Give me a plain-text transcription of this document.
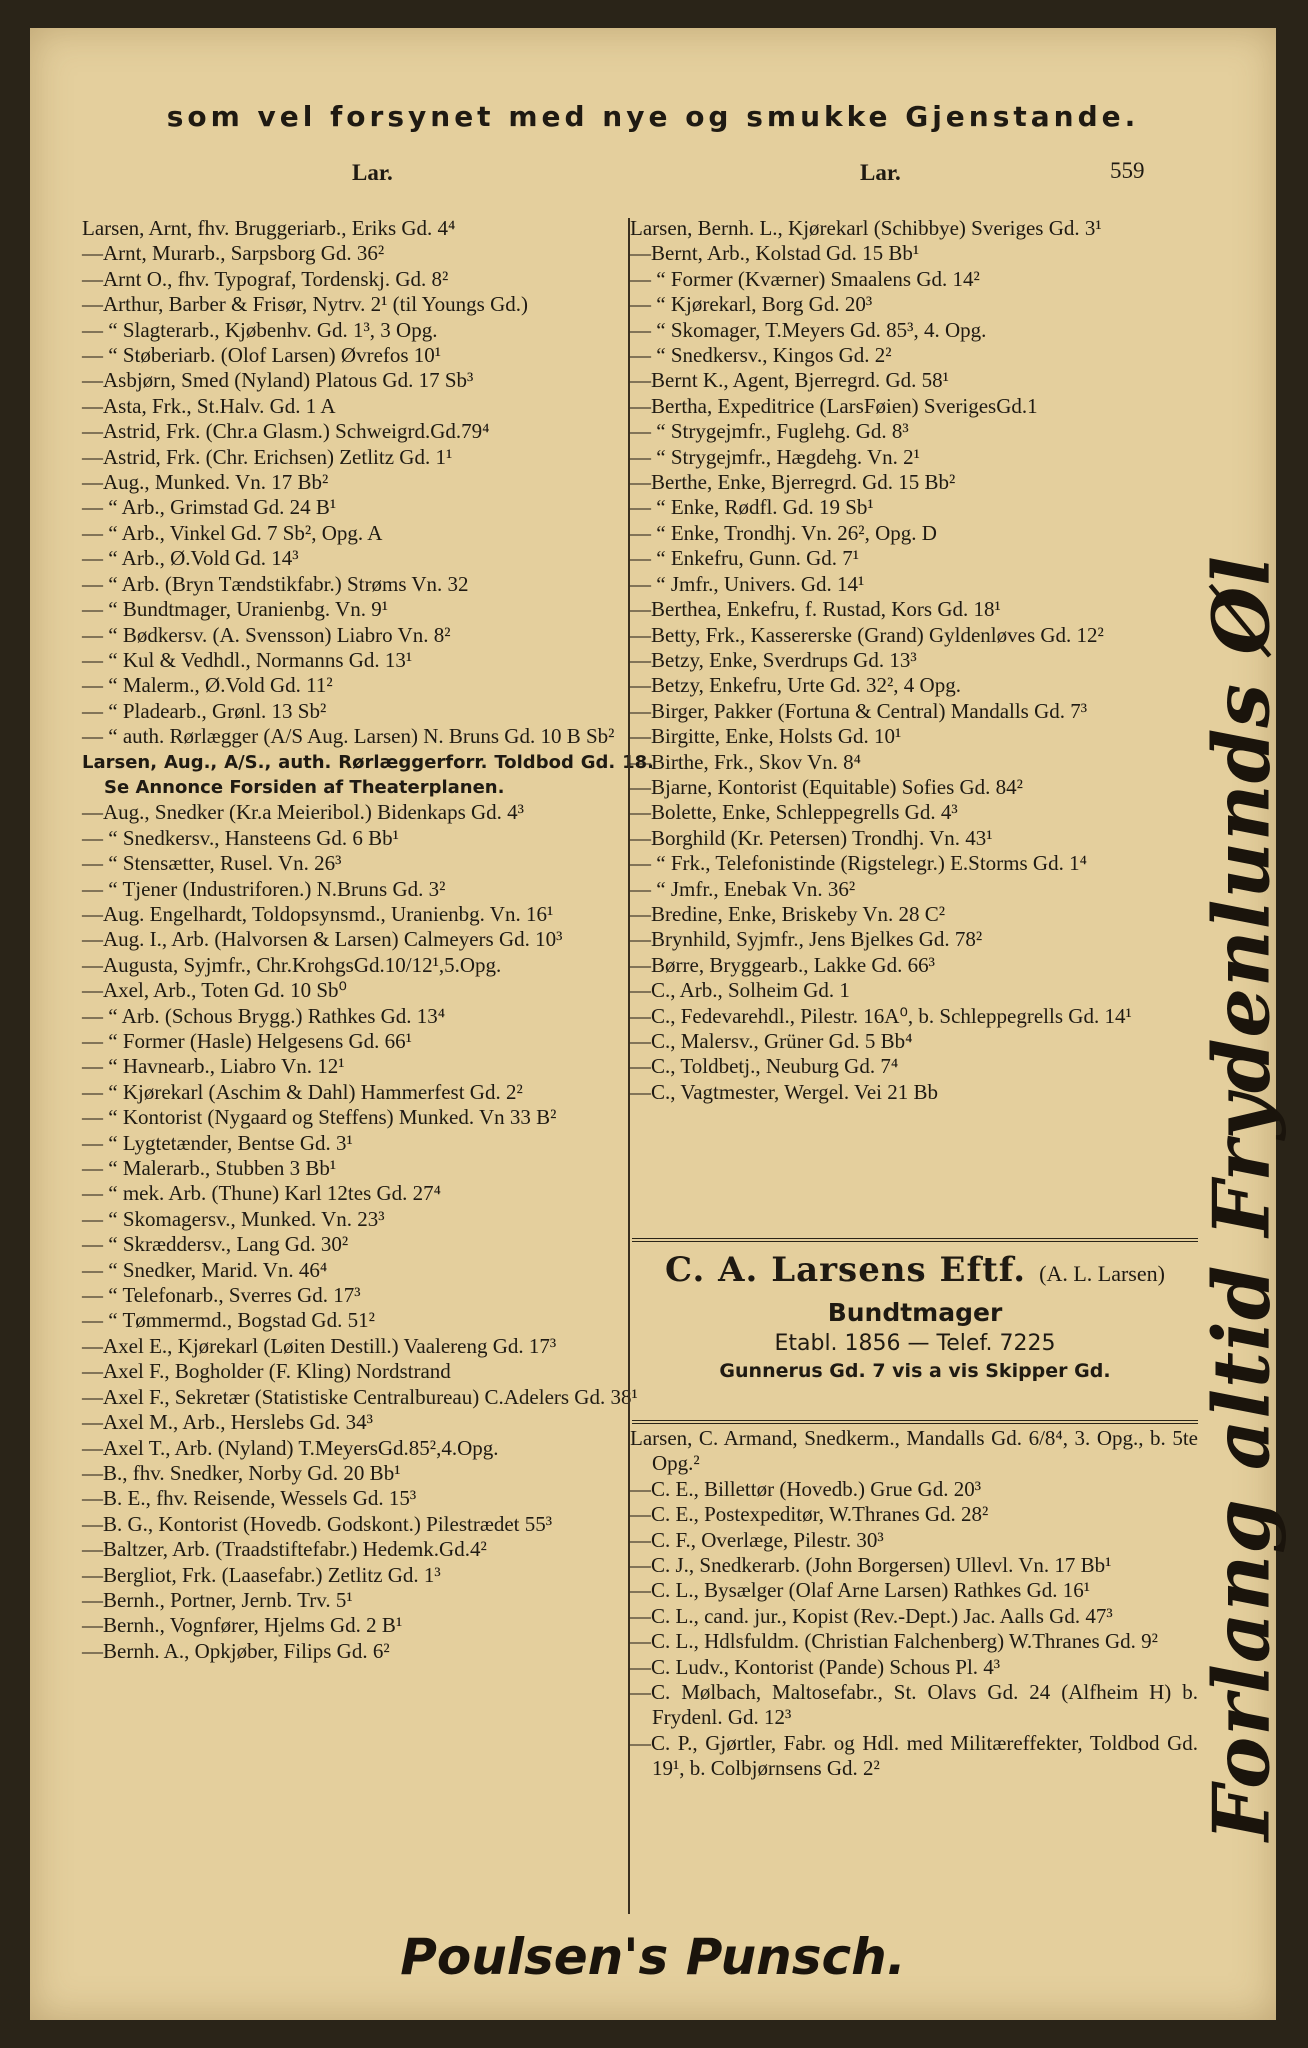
som vel forsynet med nye og smukke Gjenstande.
Lar.	Lar.	559
Larsen, Arnt, fhv. Bruggeriarb., Eriks Gd. 4⁴
—Arnt, Murarb., Sarpsborg Gd. 36²
—Arnt O., fhv. Typograf, Tordenskj. Gd. 8²
—Arthur, Barber & Frisør, Nytrv. 2¹ (til Youngs Gd.)
— “ Slagterarb., Kjøbenhv. Gd. 1³, 3 Opg.
— “ Støberiarb. (Olof Larsen) Øvrefos 10¹
—Asbjørn, Smed (Nyland) Platous Gd. 17 Sb³
—Asta, Frk., St.Halv. Gd. 1 A
—Astrid, Frk. (Chr.a Glasm.) Schweigrd.Gd.79⁴
—Astrid, Frk. (Chr. Erichsen) Zetlitz Gd. 1¹
—Aug., Munked. Vn. 17 Bb²
— “ Arb., Grimstad Gd. 24 B¹
— “ Arb., Vinkel Gd. 7 Sb², Opg. A
— “ Arb., Ø.Vold Gd. 14³
— “ Arb. (Bryn Tændstikfabr.) Strøms Vn. 32
— “ Bundtmager, Uranienbg. Vn. 9¹
— “ Bødkersv. (A. Svensson) Liabro Vn. 8²
— “ Kul & Vedhdl., Normanns Gd. 13¹
— “ Malerm., Ø.Vold Gd. 11²
— “ Pladearb., Grønl. 13 Sb²
— “ auth. Rørlægger (A/S Aug. Larsen) N. Bruns Gd. 10 B Sb²
Larsen, Aug., A/S., auth. Rørlæggerforr. Toldbod Gd. 18. Se Annonce Forsiden af Theaterplanen.
—Aug., Snedker (Kr.a Meieribol.) Bidenkaps Gd. 4³
— “ Snedkersv., Hansteens Gd. 6 Bb¹
— “ Stensætter, Rusel. Vn. 26³
— “ Tjener (Industriforen.) N.Bruns Gd. 3²
—Aug. Engelhardt, Toldopsynsmd., Uranienbg. Vn. 16¹
—Aug. I., Arb. (Halvorsen & Larsen) Calmeyers Gd. 10³
—Augusta, Syjmfr., Chr.KrohgsGd.10/12¹,5.Opg.
—Axel, Arb., Toten Gd. 10 Sb⁰
— “ Arb. (Schous Brygg.) Rathkes Gd. 13⁴
— “ Former (Hasle) Helgesens Gd. 66¹
— “ Havnearb., Liabro Vn. 12¹
— “ Kjørekarl (Aschim & Dahl) Hammerfest Gd. 2²
— “ Kontorist (Nygaard og Steffens) Munked. Vn 33 B²
— “ Lygtetænder, Bentse Gd. 3¹
— “ Malerarb., Stubben 3 Bb¹
— “ mek. Arb. (Thune) Karl 12tes Gd. 27⁴
— “ Skomagersv., Munked. Vn. 23³
— “ Skræddersv., Lang Gd. 30²
— “ Snedker, Marid. Vn. 46⁴
— “ Telefonarb., Sverres Gd. 17³
— “ Tømmermd., Bogstad Gd. 51²
—Axel E., Kjørekarl (Løiten Destill.) Vaalereng Gd. 17³
—Axel F., Bogholder (F. Kling) Nordstrand
—Axel F., Sekretær (Statistiske Centralbureau) C.Adelers Gd. 38¹
—Axel M., Arb., Herslebs Gd. 34³
—Axel T., Arb. (Nyland) T.MeyersGd.85²,4.Opg.
—B., fhv. Snedker, Norby Gd. 20 Bb¹
—B. E., fhv. Reisende, Wessels Gd. 15³
—B. G., Kontorist (Hovedb. Godskont.) Pilestrædet 55³
—Baltzer, Arb. (Traadstiftefabr.) Hedemk.Gd.4²
—Bergliot, Frk. (Laasefabr.) Zetlitz Gd. 1³
—Bernh., Portner, Jernb. Trv. 5¹
—Bernh., Vognfører, Hjelms Gd. 2 B¹
—Bernh. A., Opkjøber, Filips Gd. 6²
Larsen, Bernh. L., Kjørekarl (Schibbye) Sveriges Gd. 3¹
—Bernt, Arb., Kolstad Gd. 15 Bb¹
— “ Former (Kværner) Smaalens Gd. 14²
— “ Kjørekarl, Borg Gd. 20³
— “ Skomager, T.Meyers Gd. 85³, 4. Opg.
— “ Snedkersv., Kingos Gd. 2²
—Bernt K., Agent, Bjerregrd. Gd. 58¹
—Bertha, Expeditrice (LarsFøien) SverigesGd.1
— “ Strygejmfr., Fuglehg. Gd. 8³
— “ Strygejmfr., Hægdehg. Vn. 2¹
—Berthe, Enke, Bjerregrd. Gd. 15 Bb²
— “ Enke, Rødfl. Gd. 19 Sb¹
— “ Enke, Trondhj. Vn. 26², Opg. D
— “ Enkefru, Gunn. Gd. 7¹
— “ Jmfr., Univers. Gd. 14¹
—Berthea, Enkefru, f. Rustad, Kors Gd. 18¹
—Betty, Frk., Kassererske (Grand) Gyldenløves Gd. 12²
—Betzy, Enke, Sverdrups Gd. 13³
—Betzy, Enkefru, Urte Gd. 32², 4 Opg.
—Birger, Pakker (Fortuna & Central) Mandalls Gd. 7³
—Birgitte, Enke, Holsts Gd. 10¹
—Birthe, Frk., Skov Vn. 8⁴
—Bjarne, Kontorist (Equitable) Sofies Gd. 84²
—Bolette, Enke, Schleppegrells Gd. 4³
—Borghild (Kr. Petersen) Trondhj. Vn. 43¹
— “ Frk., Telefonistinde (Rigstelegr.) E.Storms Gd. 1⁴
— “ Jmfr., Enebak Vn. 36²
—Bredine, Enke, Briskeby Vn. 28 C²
—Brynhild, Syjmfr., Jens Bjelkes Gd. 78²
—Børre, Bryggearb., Lakke Gd. 66³
—C., Arb., Solheim Gd. 1
—C., Fedevarehdl., Pilestr. 16A⁰, b. Schleppegrells Gd. 14¹
—C., Malersv., Grüner Gd. 5 Bb⁴
—C., Toldbetj., Neuburg Gd. 7⁴
—C., Vagtmester, Wergel. Vei 21 Bb
C. A. Larsens Eftf. (A. L. Larsen)
Bundtmager
Etabl. 1856 — Telef. 7225
Gunnerus Gd. 7 vis a vis Skipper Gd.
Larsen, C. Armand, Snedkerm., Mandalls Gd. 6/8⁴, 3. Opg., b. 5te Opg.²
—C. E., Billettør (Hovedb.) Grue Gd. 20³
—C. E., Postexpeditør, W.Thranes Gd. 28²
—C. F., Overlæge, Pilestr. 30³
—C. J., Snedkerarb. (John Borgersen) Ullevl. Vn. 17 Bb¹
—C. L., Bysælger (Olaf Arne Larsen) Rathkes Gd. 16¹
—C. L., cand. jur., Kopist (Rev.-Dept.) Jac. Aalls Gd. 47³
—C. L., Hdlsfuldm. (Christian Falchenberg) W.Thranes Gd. 9²
—C. Ludv., Kontorist (Pande) Schous Pl. 4³
—C. Mølbach, Maltosefabr., St. Olavs Gd. 24 (Alfheim H) b. Frydenl. Gd. 12³
—C. P., Gjørtler, Fabr. og Hdl. med Militæreffekter, Toldbod Gd. 19¹, b. Colbjørnsens Gd. 2²	Forlang altid Frydenlunds Øl
Poulsen's Punsch.
